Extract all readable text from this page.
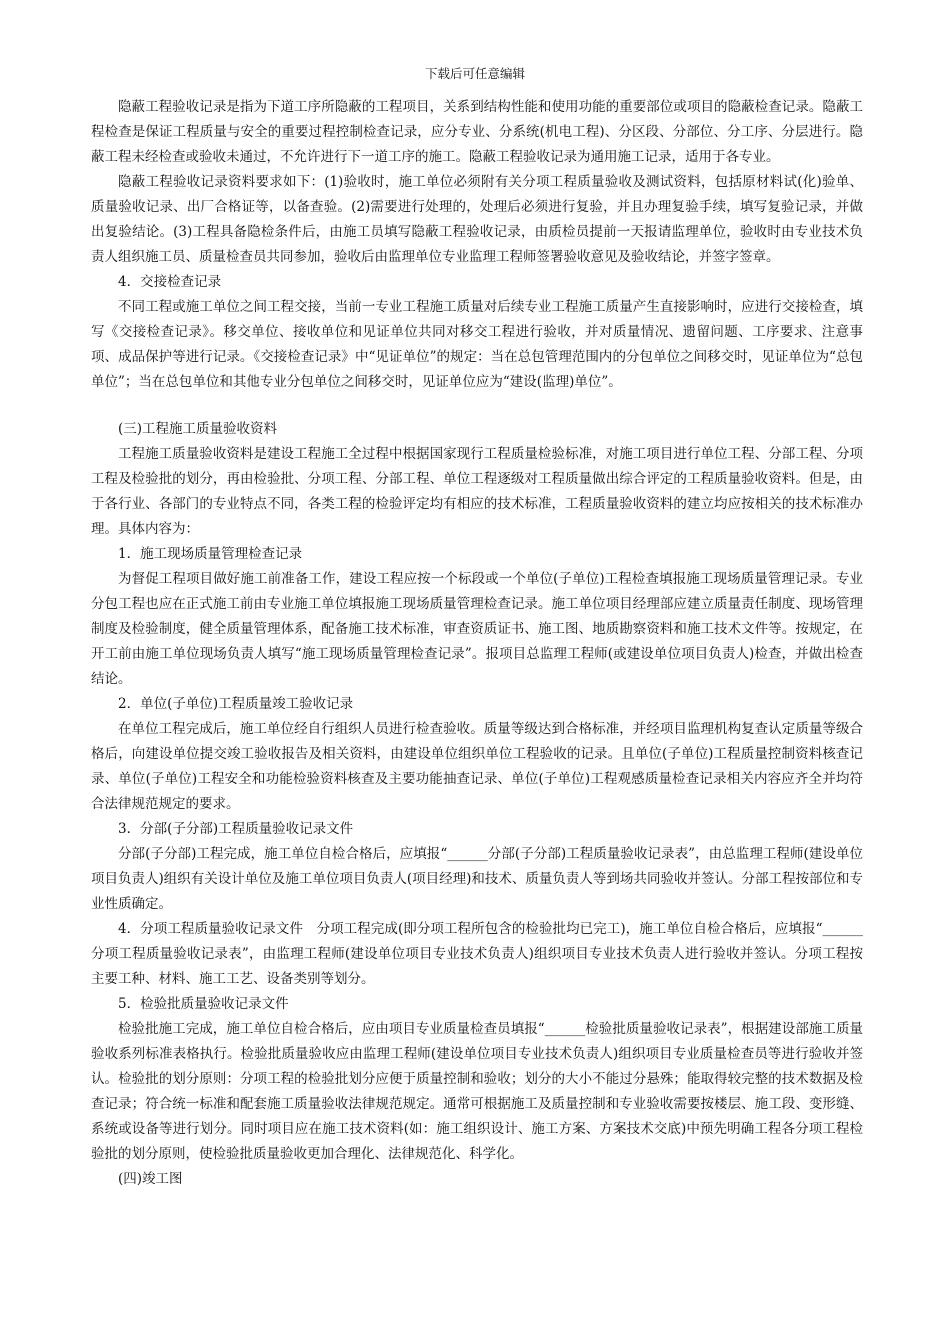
下载后可任意编辑

隐蔽工程验收记录是指为下道工序所隐蔽的工程项目，关系到结构性能和使用功能的重要部位或项目的隐蔽检查记录。隐蔽工程检查是保证工程质量与安全的重要过程控制检查记录，应分专业、分系统(机电工程)、分区段、分部位、分工序、分层进行。隐蔽工程未经检查或验收未通过，不允许进行下一道工序的施工。隐蔽工程验收记录为通用施工记录，适用于各专业。

隐蔽工程验收记录资料要求如下：(1)验收时，施工单位必须附有关分项工程质量验收及测试资料，包括原材料试(化)验单、质量验收记录、出厂合格证等，以备查验。(2)需要进行处理的，处理后必须进行复验，并且办理复验手续，填写复验记录，并做出复验结论。(3)工程具备隐检条件后，由施工员填写隐蔽工程验收记录，由质检员提前一天报请监理单位，验收时由专业技术负责人组织施工员、质量检查员共同参加，验收后由监理单位专业监理工程师签署验收意见及验收结论，并签字签章。

4．交接检查记录

不同工程或施工单位之间工程交接，当前一专业工程施工质量对后续专业工程施工质量产生直接影响时，应进行交接检查，填写《交接检查记录》。移交单位、接收单位和见证单位共同对移交工程进行验收，并对质量情况、遗留问题、工序要求、注意事项、成品保护等进行记录。《交接检查记录》中“见证单位”的规定：当在总包管理范围内的分包单位之间移交时，见证单位为“总包单位”；当在总包单位和其他专业分包单位之间移交时，见证单位应为“建设(监理)单位”。

(三)工程施工质量验收资料

工程施工质量验收资料是建设工程施工全过程中根据国家现行工程质量检验标准，对施工项目进行单位工程、分部工程、分项工程及检验批的划分，再由检验批、分项工程、分部工程、单位工程逐级对工程质量做出综合评定的工程质量验收资料。但是，由于各行业、各部门的专业特点不同，各类工程的检验评定均有相应的技术标准，工程质量验收资料的建立均应按相关的技术标准办理。具体内容为：

1．施工现场质量管理检查记录

为督促工程项目做好施工前准备工作，建设工程应按一个标段或一个单位(子单位)工程检查填报施工现场质量管理记录。专业分包工程也应在正式施工前由专业施工单位填报施工现场质量管理检查记录。施工单位项目经理部应建立质量责任制度、现场管理制度及检验制度，健全质量管理体系，配备施工技术标准，审查资质证书、施工图、地质勘察资料和施工技术文件等。按规定，在开工前由施工单位现场负责人填写“施工现场质量管理检查记录”。报项目总监理工程师(或建设单位项目负责人)检查，并做出检查结论。

2．单位(子单位)工程质量竣工验收记录

在单位工程完成后，施工单位经自行组织人员进行检查验收。质量等级达到合格标准，并经项目监理机构复查认定质量等级合格后，向建设单位提交竣工验收报告及相关资料，由建设单位组织单位工程验收的记录。且单位(子单位)工程质量控制资料核查记录、单位(子单位)工程安全和功能检验资料核查及主要功能抽查记录、单位(子单位)工程观感质量检查记录相关内容应齐全并均符合法律规范规定的要求。

3．分部(子分部)工程质量验收记录文件

分部(子分部)工程完成，施工单位自检合格后，应填报“______分部(子分部)工程质量验收记录表”，由总监理工程师(建设单位项目负责人)组织有关设计单位及施工单位项目负责人(项目经理)和技术、质量负责人等到场共同验收并签认。分部工程按部位和专业性质确定。

4．分项工程质量验收记录文件　分项工程完成(即分项工程所包含的检验批均已完工)，施工单位自检合格后，应填报“______分项工程质量验收记录表”，由监理工程师(建设单位项目专业技术负责人)组织项目专业技术负责人进行验收并签认。分项工程按主要工种、材料、施工工艺、设备类别等划分。

5．检验批质量验收记录文件

检验批施工完成，施工单位自检合格后，应由项目专业质量检查员填报“______检验批质量验收记录表”，根据建设部施工质量验收系列标准表格执行。检验批质量验收应由监理工程师(建设单位项目专业技术负责人)组织项目专业质量检查员等进行验收并签认。检验批的划分原则：分项工程的检验批划分应便于质量控制和验收；划分的大小不能过分悬殊；能取得较完整的技术数据及检查记录；符合统一标准和配套施工质量验收法律规范规定。通常可根据施工及质量控制和专业验收需要按楼层、施工段、变形缝、系统或设备等进行划分。同时项目应在施工技术资料(如：施工组织设计、施工方案、方案技术交底)中预先明确工程各分项工程检验批的划分原则，使检验批质量验收更加合理化、法律规范化、科学化。

(四)竣工图
